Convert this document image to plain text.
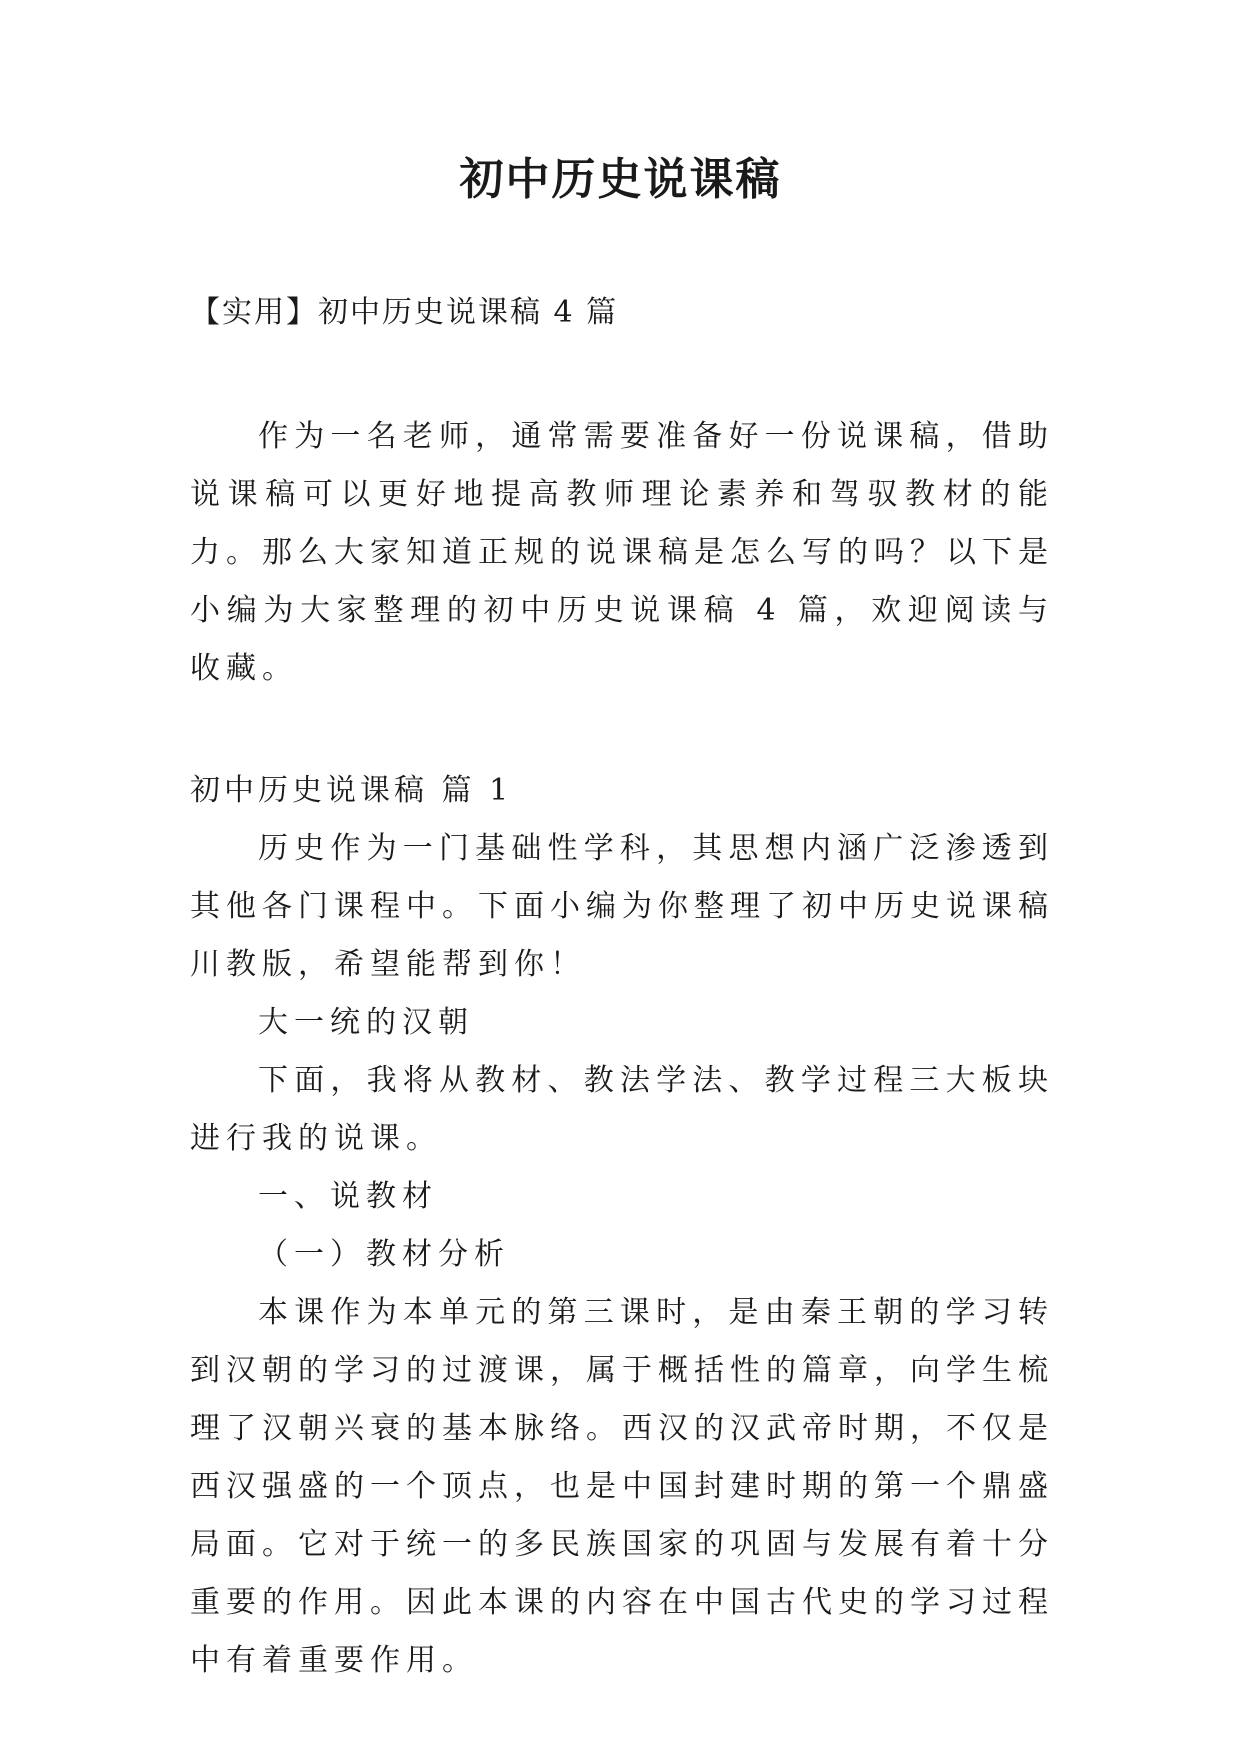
初中历史说课稿
【实用】初中历史说课稿 4 篇

作为一名老师，通常需要准备好一份说课稿，借助说课稿可以更好地提高教师理论素养和驾驭教材的能力。那么大家知道正规的说课稿是怎么写的吗？以下是小编为大家整理的初中历史说课稿 4 篇，欢迎阅读与收藏。

初中历史说课稿 篇 1

历史作为一门基础性学科，其思想内涵广泛渗透到其他各门课程中。下面小编为你整理了初中历史说课稿川教版，希望能帮到你！

大一统的汉朝

下面，我将从教材、教法学法、教学过程三大板块进行我的说课。

一、说教材

（一）教材分析

本课作为本单元的第三课时，是由秦王朝的学习转到汉朝的学习的过渡课，属于概括性的篇章，向学生梳理了汉朝兴衰的基本脉络。西汉的汉武帝时期，不仅是西汉强盛的一个顶点，也是中国封建时期的第一个鼎盛局面。它对于统一的多民族国家的巩固与发展有着十分重要的作用。因此本课的内容在中国古代史的学习过程中有着重要作用。
